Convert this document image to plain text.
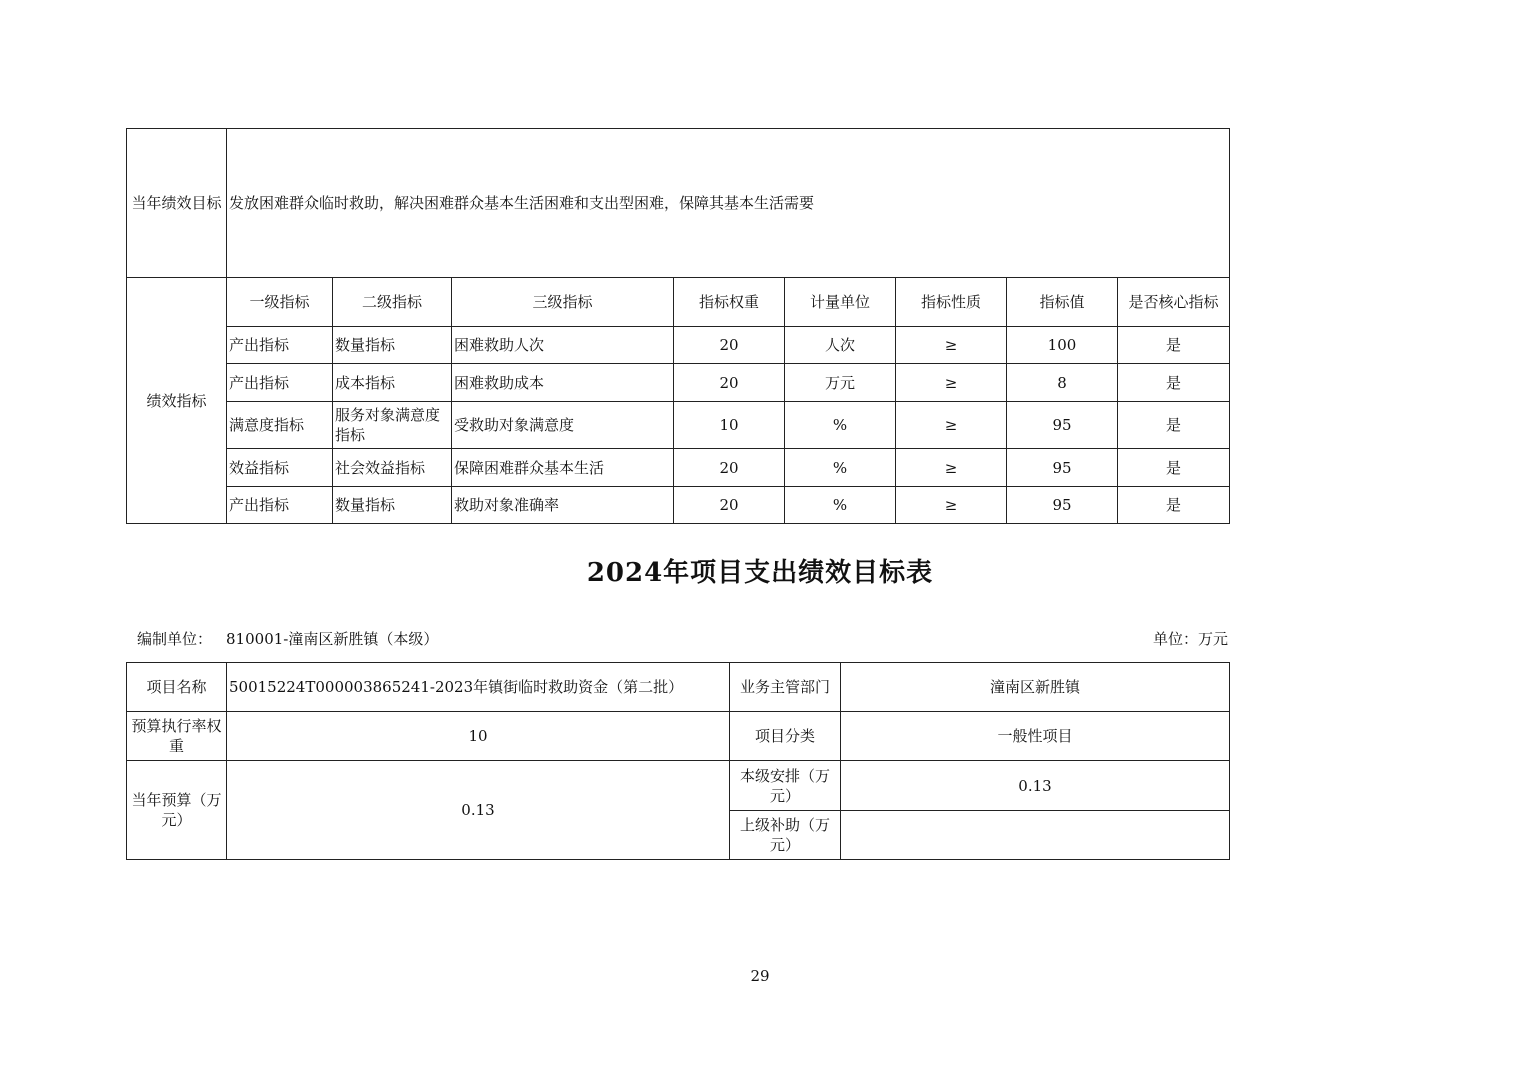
当年绩效目标	发放困难群众临时救助，解决困难群众基本生活困难和支出型困难，保障其基本生活需要							
绩效指标	一级指标	二级指标	三级指标	指标权重	计量单位	指标性质	指标值	是否核心指标
	产出指标	数量指标	困难救助人次	20	人次	≥	100	是
	产出指标	成本指标	困难救助成本	20	万元	≥	8	是
	满意度指标	服务对象满意度指标	受救助对象满意度	10	%	≥	95	是
	效益指标	社会效益指标	保障困难群众基本生活	20	%	≥	95	是
	产出指标	数量指标	救助对象准确率	20	%	≥	95	是
2024年项目支出绩效目标表
编制单位： 810001-潼南区新胜镇（本级）	单位：万元
项目名称	50015224T000003865241-2023年镇街临时救助资金（第二批）	业务主管部门	潼南区新胜镇
预算执行率权重	10	项目分类	一般性项目
当年预算（万元）	0.13	本级安排（万元）	0.13
		上级补助（万元）	
29
